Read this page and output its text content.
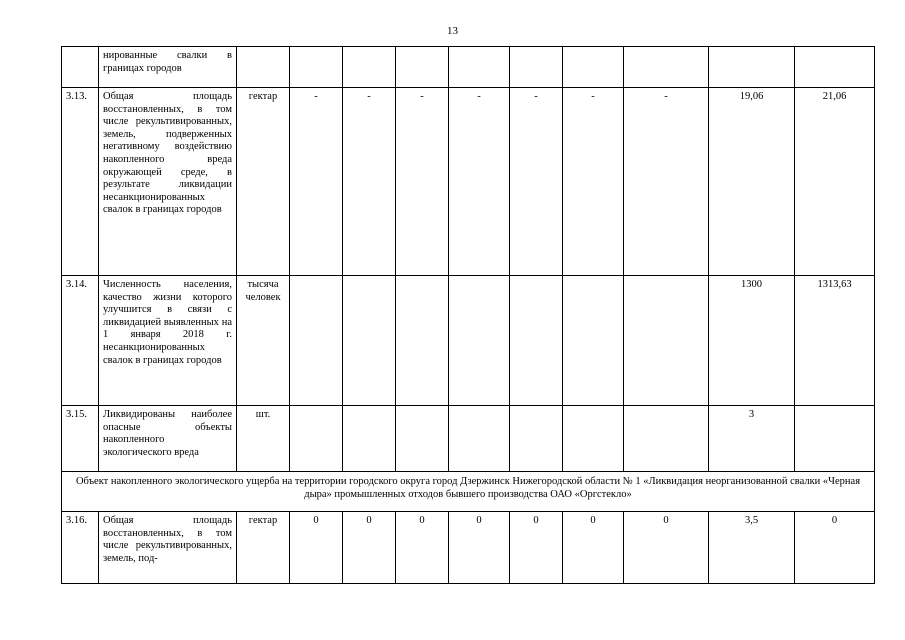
13
	нированные свалки в границах городов										
3.13.	Общая площадь восстановленных, в том числе рекультивированных, земель, подверженных негативному воздействию накопленного вреда окружающей среде, в результате ликвидации несанкционированных свалок в границах городов	гектар	-	-	-	-	-	-	-	19,06	21,06
3.14.	Численность населения, качество жизни которого улучшится в связи с ликвидацией выявленных на 1 января 2018 г. несанкционированных свалок в границах городов	тысяча человек								1300	1313,63
3.15.	Ликвидированы наиболее опасные объекты накопленного экологического вреда	шт.								3	
Объект накопленного экологического ущерба на территории городского округа город Дзержинск Нижегородской области № 1 «Ликвидация неорганизованной свалки «Черная дыра» промышленных отходов бывшего производства ОАО «Оргстекло»											
3.16.	Общая площадь восстановленных, в том числе рекультивированных, земель, под-	гектар	0	0	0	0	0	0	0	3,5	0
